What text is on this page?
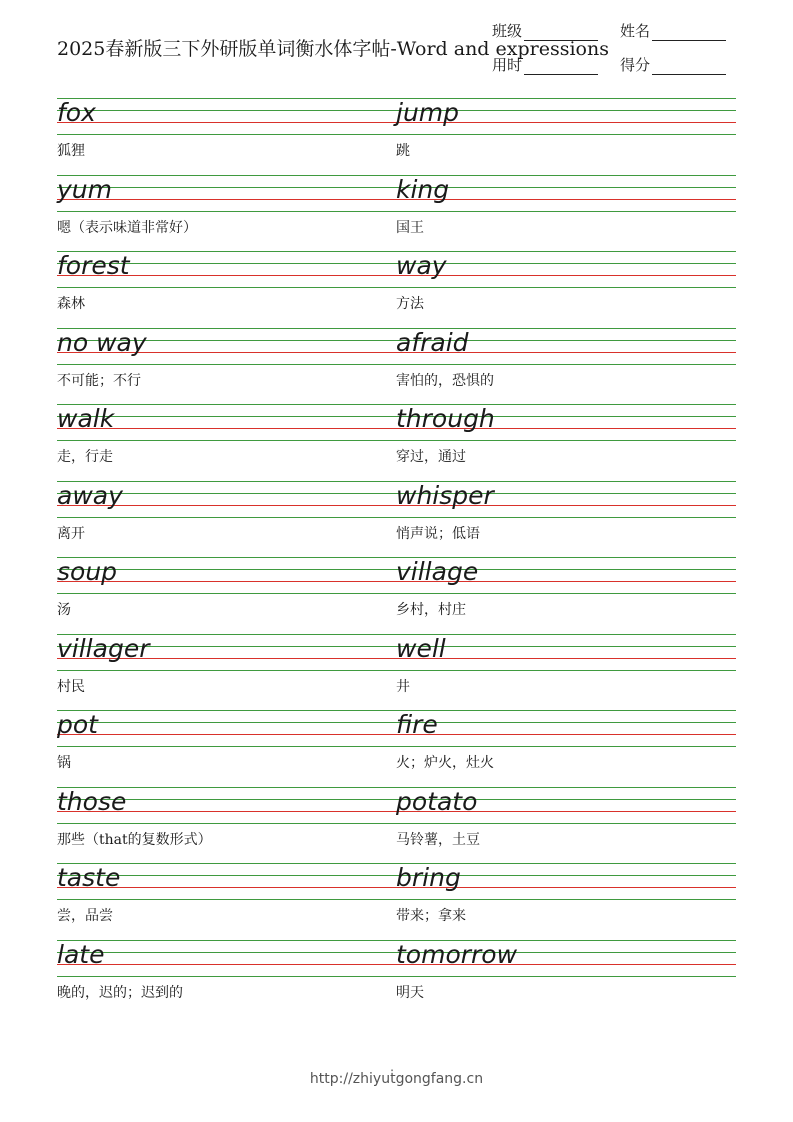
2025春新版三下外研版单词衡水体字帖-Word and expressions
班级	姓名
用时	得分
fox
狐狸
jump
跳
yum
嗯（表示味道非常好）
king
国王
forest
森林
way
方法
no way
不可能；不行
afraid
害怕的，恐惧的
walk
走，行走
through
穿过，通过
away
离开
whisper
悄声说；低语
soup
汤
village
乡村，村庄
villager
村民
well
井
pot
锅
fire
火；炉火，灶火
those
那些（that的复数形式）
potato
马铃薯，土豆
taste
尝，品尝
bring
带来；拿来
late
晚的，迟的；迟到的
tomorrow
明天
http://zhiyuṫgongfang.cn
